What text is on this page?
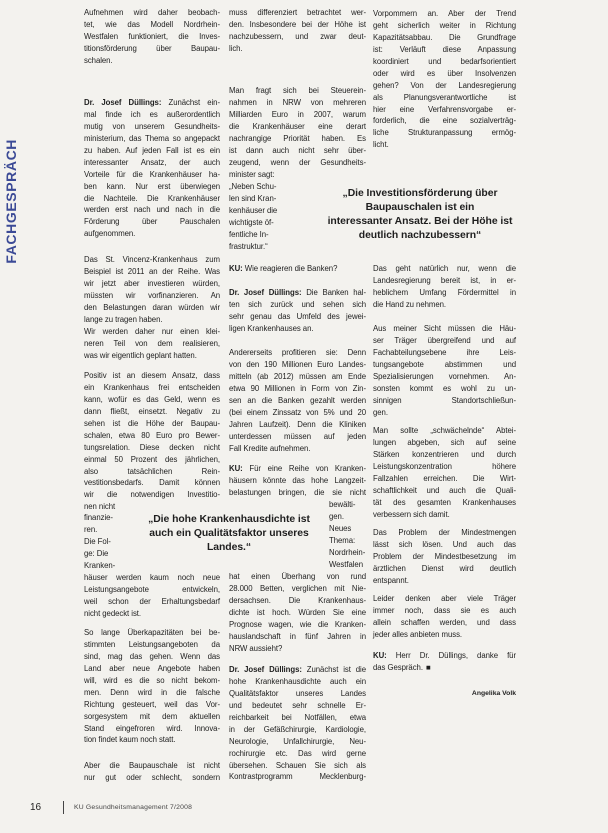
FACHGESPRÄCH
Aufnehmen wird daher beobach-
tet, wie das Modell Nordrhein-
Westfalen funktioniert, die Inves-
titionsförderung über Baupau-
schalen.
Dr. Josef Düllings: Zunächst ein-
mal finde ich es außerordentlich
mutig von unserem Gesundheits-
ministerium, das Thema so angepackt
zu haben. Auf jeden Fall ist es ein
interessanter Ansatz, der auch
Vorteile für die Krankenhäuser ha-
ben kann. Nur erst überwiegen
die Nachteile. Die Krankenhäuser
werden erst nach und nach in die
Förderung über Pauschalen
aufgenommen.
Das St. Vincenz-Krankenhaus zum
Beispiel ist 2011 an der Reihe. Was
wir jetzt aber investieren würden,
müssten wir vorfinanzieren. An
den Belastungen daran würden wir
lange zu tragen haben.
Wir werden daher nur einen klei-
neren Teil von dem realisieren,
was wir eigentlich geplant hatten.
Positiv ist an diesem Ansatz, dass
ein Krankenhaus frei entscheiden
kann, wofür es das Geld, wenn es
dann fließt, einsetzt. Negativ zu
sehen ist die Höhe der Baupau-
schalen, etwa 80 Euro pro Bewer-
tungsrelation. Diese decken nicht
einmal 50 Prozent des jährlichen,
also tatsächlichen Rein-
vestitionsbedarfs. Damit können
wir die notwendigen Investitio-
nen nicht
finanzie-
ren.
Die Fol-
ge: Die
Kranken-
häuser werden kaum noch neue
Leistungsangebote entwickeln,
weil schon der Erhaltungsbedarf
nicht gedeckt ist.
So lange Überkapazitäten bei be-
stimmten Leistungsangeboten da
sind, mag das gehen. Wenn das
Land aber neue Angebote haben
will, wird es die so nicht bekom-
men. Denn wird in die falsche
Richtung gesteuert, weil das Vor-
sorgesystem mit dem aktuellen
Stand eingefroren wird. Innova-
tion findet kaum noch statt.
Aber die Baupauschale ist nicht
nur gut oder schlecht, sondern
muss differenziert betrachtet wer-
den. Insbesondere bei der Höhe ist
nachzubessern, und zwar deut-
lich.
Man fragt sich bei Steuerein-
nahmen in NRW von mehreren
Milliarden Euro in 2007, warum
die Krankenhäuser eine derart
nachrangige Priorität haben. Es
ist dann auch nicht sehr über-
zeugend, wenn der Gesundheits-
minister sagt:
„Neben Schu-
len sind Kran-
kenhäuser die
wichtigste öf-
fentliche In-
frastruktur.“
KU: Wie reagieren die Banken?
Dr. Josef Düllings: Die Banken hal-
ten sich zurück und sehen sich
sehr genau das Umfeld des jewei-
ligen Krankenhauses an.
Andererseits profitieren sie: Denn
von den 190 Millionen Euro Landes-
mitteln (ab 2012) müssen am Ende
etwa 90 Millionen in Form von Zin-
sen an die Banken gezahlt werden
(bei einem Zinssatz von 5% und 20
Jahren Laufzeit). Denn die Kliniken
unterdessen müssen auf jeden
Fall Kredite aufnehmen.
KU: Für eine Reihe von Kranken-
häusern könnte das hohe Langzeit-
belastungen bringen, die sie nicht
bewälti-
gen.
Neues
Thema:
Nordrhein-
Westfalen
hat einen Überhang von rund
28.000 Betten, verglichen mit Nie-
dersachsen. Die Krankenhaus-
dichte ist hoch. Würden Sie eine
Prognose wagen, wie die Kranken-
hauslandschaft in fünf Jahren in
NRW aussieht?
Dr. Josef Düllings: Zunächst ist die
hohe Krankenhausdichte auch ein
Qualitätsfaktor unseres Landes
und bedeutet sehr schnelle Er-
reichbarkeit bei Notfällen, etwa
in der Gefäßchirurgie, Kardiologie,
Neurologie, Unfallchirurgie, Neu-
rochirurgie etc. Das wird gerne
übersehen. Schauen Sie sich als
Kontrastprogramm Mecklenburg-
Vorpommern an. Aber der Trend
geht sicherlich weiter in Richtung
Kapazitätsabbau. Die Grundfrage
ist: Verläuft diese Anpassung
koordiniert und bedarfsorientiert
oder wird es über Insolvenzen
gehen? Von der Landesregierung
als Planungsverantwortliche ist
hier eine Verfahrensvorgabe er-
forderlich, die eine sozialverträg-
liche Strukturanpassung ermög-
licht.
Das geht natürlich nur, wenn die
Landesregierung bereit ist, in er-
heblichem Umfang Fördermittel in
die Hand zu nehmen.
Aus meiner Sicht müssen die Häu-
ser Träger übergreifend und auf
Fachabteilungsebene ihre Leis-
tungsangebote abstimmen und
Spezialisierungen vornehmen. An-
sonsten kommt es wohl zu un-
sinnigen Standortschließun-
gen.
Man sollte „schwächelnde“ Abtei-
lungen abgeben, sich auf seine
Stärken konzentrieren und durch
Leistungskonzentration höhere
Fallzahlen erreichen. Die Wirt-
schaftlichkeit und auch die Quali-
tät des gesamten Krankenhauses
verbessern sich damit.
Das Problem der Mindestmengen
lässt sich lösen. Und auch das
Problem der Mindestbesetzung im
ärztlichen Dienst wird deutlich
entspannt.
Leider denken aber viele Träger
immer noch, dass sie es auch
allein schaffen werden, und dass
jeder alles anbieten muss.
KU: Herr Dr. Düllings, danke für
das Gespräch. ■
Angelika Volk
„Die Investitionsförderung über
Baupauschalen ist ein
interessanter Ansatz. Bei der Höhe ist
deutlich nachzubessern“
„Die hohe Krankenhausdichte ist
auch ein Qualitätsfaktor unseres
Landes.“
16	KU Gesundheitsmanagement 7/2008
